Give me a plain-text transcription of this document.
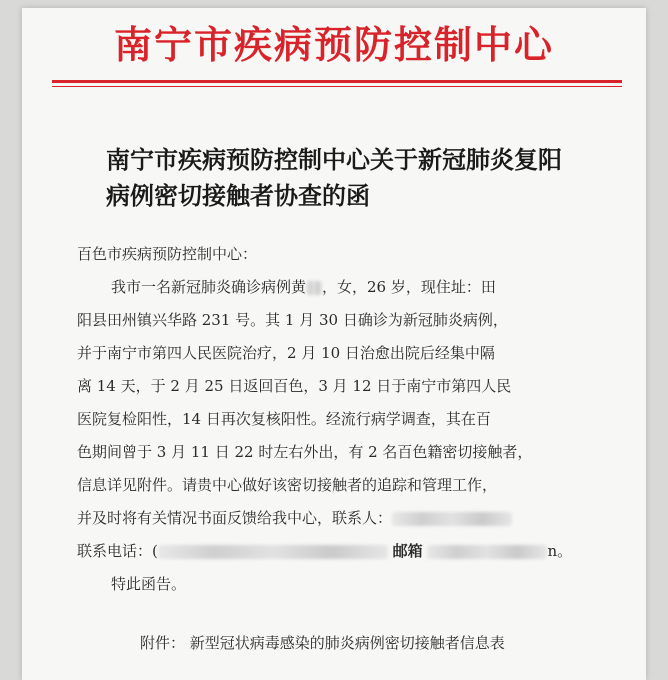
南宁市疾病预防控制中心
南宁市疾病预防控制中心关于新冠肺炎复阳
病例密切接触者协查的函
百色市疾病预防控制中心：
我市一名新冠肺炎确诊病例黄 ，女，26 岁，现住址：田
阳县田州镇兴华路 231 号。其 1 月 30 日确诊为新冠肺炎病例，
并于南宁市第四人民医院治疗，2 月 10 日治愈出院后经集中隔
离 14 天，于 2 月 25 日返回百色，3 月 12 日于南宁市第四人民
医院复检阳性，14 日再次复核阳性。经流行病学调查，其在百
色期间曾于 3 月 11 日 22 时左右外出，有 2 名百色籍密切接触者，
信息详见附件。请贵中心做好该密切接触者的追踪和管理工作，
并及时将有关情况书面反馈给我中心，联系人：
联系电话：(	邮箱	n。
特此函告。
附件： 新型冠状病毒感染的肺炎病例密切接触者信息表
